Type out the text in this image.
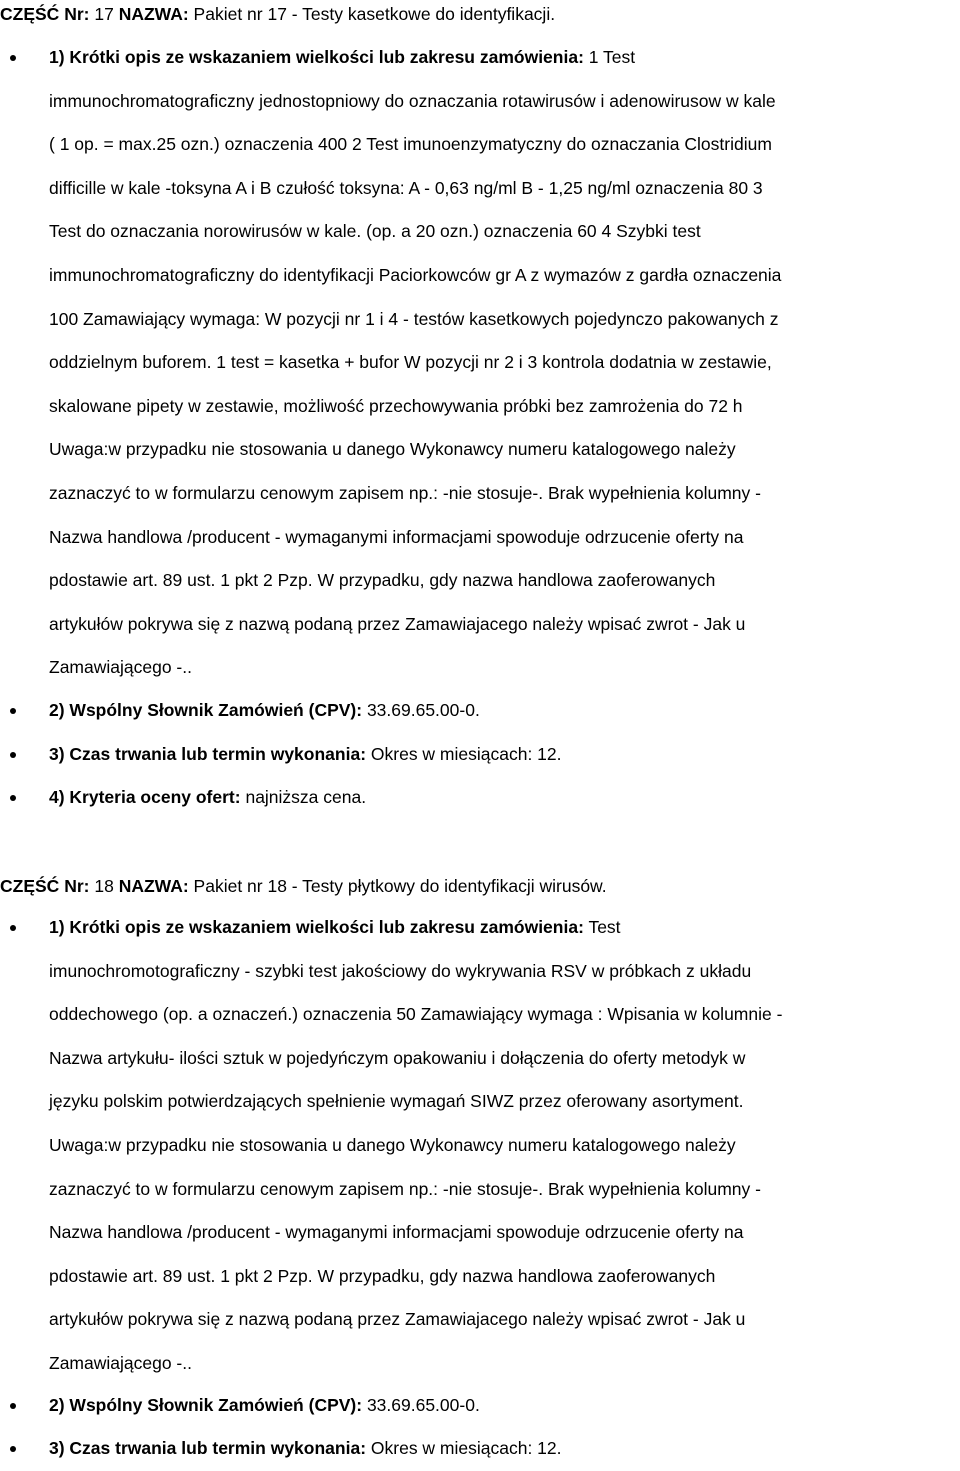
CZĘŚĆ Nr: 17 NAZWA: Pakiet nr 17 - Testy kasetkowe do identyfikacji.
1) Krótki opis ze wskazaniem wielkości lub zakresu zamówienia: 1 Test
immunochromatograficzny jednostopniowy do oznaczania rotawirusów i adenowirusow w kale
( 1 op. = max.25 ozn.) oznaczenia 400 2 Test imunoenzymatyczny do oznaczania Clostridium
difficille w kale -toksyna A i B czułość toksyna: A - 0,63 ng/ml B - 1,25 ng/ml oznaczenia 80 3
Test do oznaczania norowirusów w kale. (op. a 20 ozn.) oznaczenia 60 4 Szybki test
immunochromatograficzny do identyfikacji Paciorkowców gr A z wymazów z gardła oznaczenia
100 Zamawiający wymaga: W pozycji nr 1 i 4 - testów kasetkowych pojedynczo pakowanych z
oddzielnym buforem. 1 test = kasetka + bufor W pozycji nr 2 i 3 kontrola dodatnia w zestawie,
skalowane pipety w zestawie, możliwość przechowywania próbki bez zamrożenia do 72 h
Uwaga:w przypadku nie stosowania u danego Wykonawcy numeru katalogowego należy
zaznaczyć to w formularzu cenowym zapisem np.: -nie stosuje-. Brak wypełnienia kolumny -
Nazwa handlowa /producent - wymaganymi informacjami spowoduje odrzucenie oferty na
pdostawie art. 89 ust. 1 pkt 2 Pzp. W przypadku, gdy nazwa handlowa zaoferowanych
artykułów pokrywa się z nazwą podaną przez Zamawiajacego należy wpisać zwrot - Jak u
Zamawiającego -..
2) Wspólny Słownik Zamówień (CPV): 33.69.65.00-0.
3) Czas trwania lub termin wykonania: Okres w miesiącach: 12.
4) Kryteria oceny ofert: najniższa cena.
CZĘŚĆ Nr: 18 NAZWA: Pakiet nr 18 - Testy płytkowy do identyfikacji wirusów.
1) Krótki opis ze wskazaniem wielkości lub zakresu zamówienia: Test
imunochromotograficzny - szybki test jakościowy do wykrywania RSV w próbkach z układu
oddechowego (op. a oznaczeń.) oznaczenia 50 Zamawiający wymaga : Wpisania w kolumnie -
Nazwa artykułu- ilości sztuk w pojedyńczym opakowaniu i dołączenia do oferty metodyk w
języku polskim potwierdzających spełnienie wymagań SIWZ przez oferowany asortyment.
Uwaga:w przypadku nie stosowania u danego Wykonawcy numeru katalogowego należy
zaznaczyć to w formularzu cenowym zapisem np.: -nie stosuje-. Brak wypełnienia kolumny -
Nazwa handlowa /producent - wymaganymi informacjami spowoduje odrzucenie oferty na
pdostawie art. 89 ust. 1 pkt 2 Pzp. W przypadku, gdy nazwa handlowa zaoferowanych
artykułów pokrywa się z nazwą podaną przez Zamawiajacego należy wpisać zwrot - Jak u
Zamawiającego -..
2) Wspólny Słownik Zamówień (CPV): 33.69.65.00-0.
3) Czas trwania lub termin wykonania: Okres w miesiącach: 12.
